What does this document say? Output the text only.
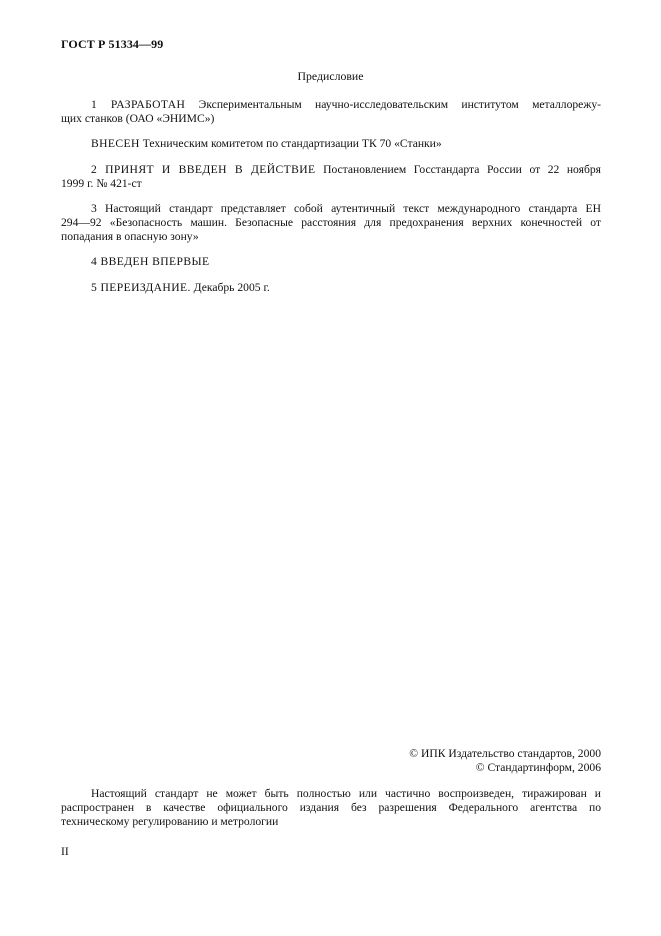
ГОСТ Р 51334—99
Предисловие
1 РАЗРАБОТАН Экспериментальным научно-исследовательским институтом металлорежу-
щих станков (ОАО «ЭНИМС»)
ВНЕСЕН Техническим комитетом по стандартизации ТК 70 «Станки»
2 ПРИНЯТ И ВВЕДЕН В ДЕЙСТВИЕ Постановлением Госстандарта России от 22 ноября
1999 г. № 421-ст
3 Настоящий стандарт представляет собой аутентичный текст международного стандарта ЕН
294—92 «Безопасность машин. Безопасные расстояния для предохранения верхних конечностей от
попадания в опасную зону»
4 ВВЕДЕН ВПЕРВЫЕ
5 ПЕРЕИЗДАНИЕ. Декабрь 2005 г.
© ИПК Издательство стандартов, 2000
© Стандартинформ, 2006
Настоящий стандарт не может быть полностью или частично воспроизведен, тиражирован и
распространен в качестве официального издания без разрешения Федерального агентства по
техническому регулированию и метрологии
II
